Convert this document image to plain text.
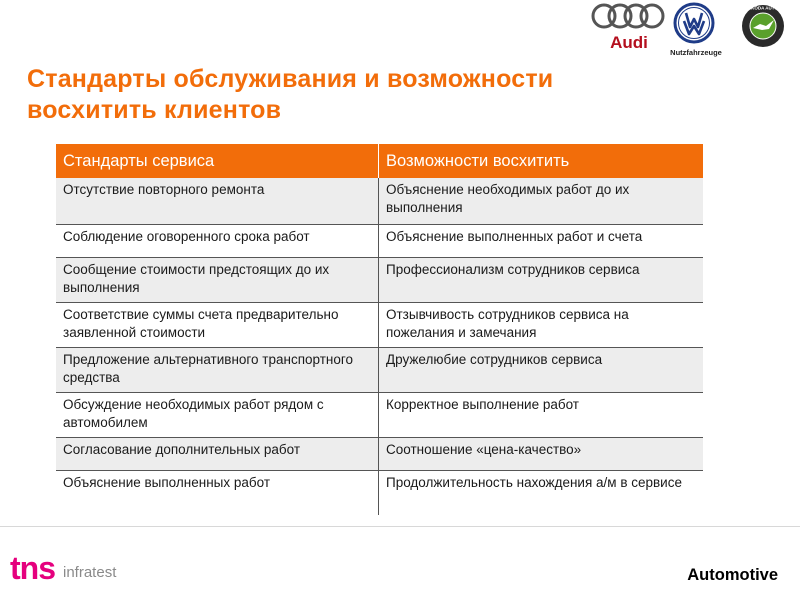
Audi
Nutzfahrzeuge
ŠKODA AUTO
Стандарты обслуживания и возможности
восхитить клиентов
Стандарты сервиса	Возможности восхитить
Отсутствие повторного ремонта	Объяснение необходимых работ до их выполнения
Соблюдение оговоренного срока работ	Объяснение выполненных работ и счета
Сообщение стоимости предстоящих до их выполнения	Профессионализм сотрудников сервиса
Соответствие суммы счета предварительно заявленной стоимости	Отзывчивость сотрудников сервиса на пожелания и замечания
Предложение альтернативного транспортного средства	Дружелюбие сотрудников сервиса
Обсуждение необходимых работ рядом с автомобилем	Корректное выполнение работ
Согласование дополнительных работ	Соотношение «цена-качество»
Объяснение выполненных работ	Продолжительность нахождения а/м в сервисе
tns infratest	Automotive
